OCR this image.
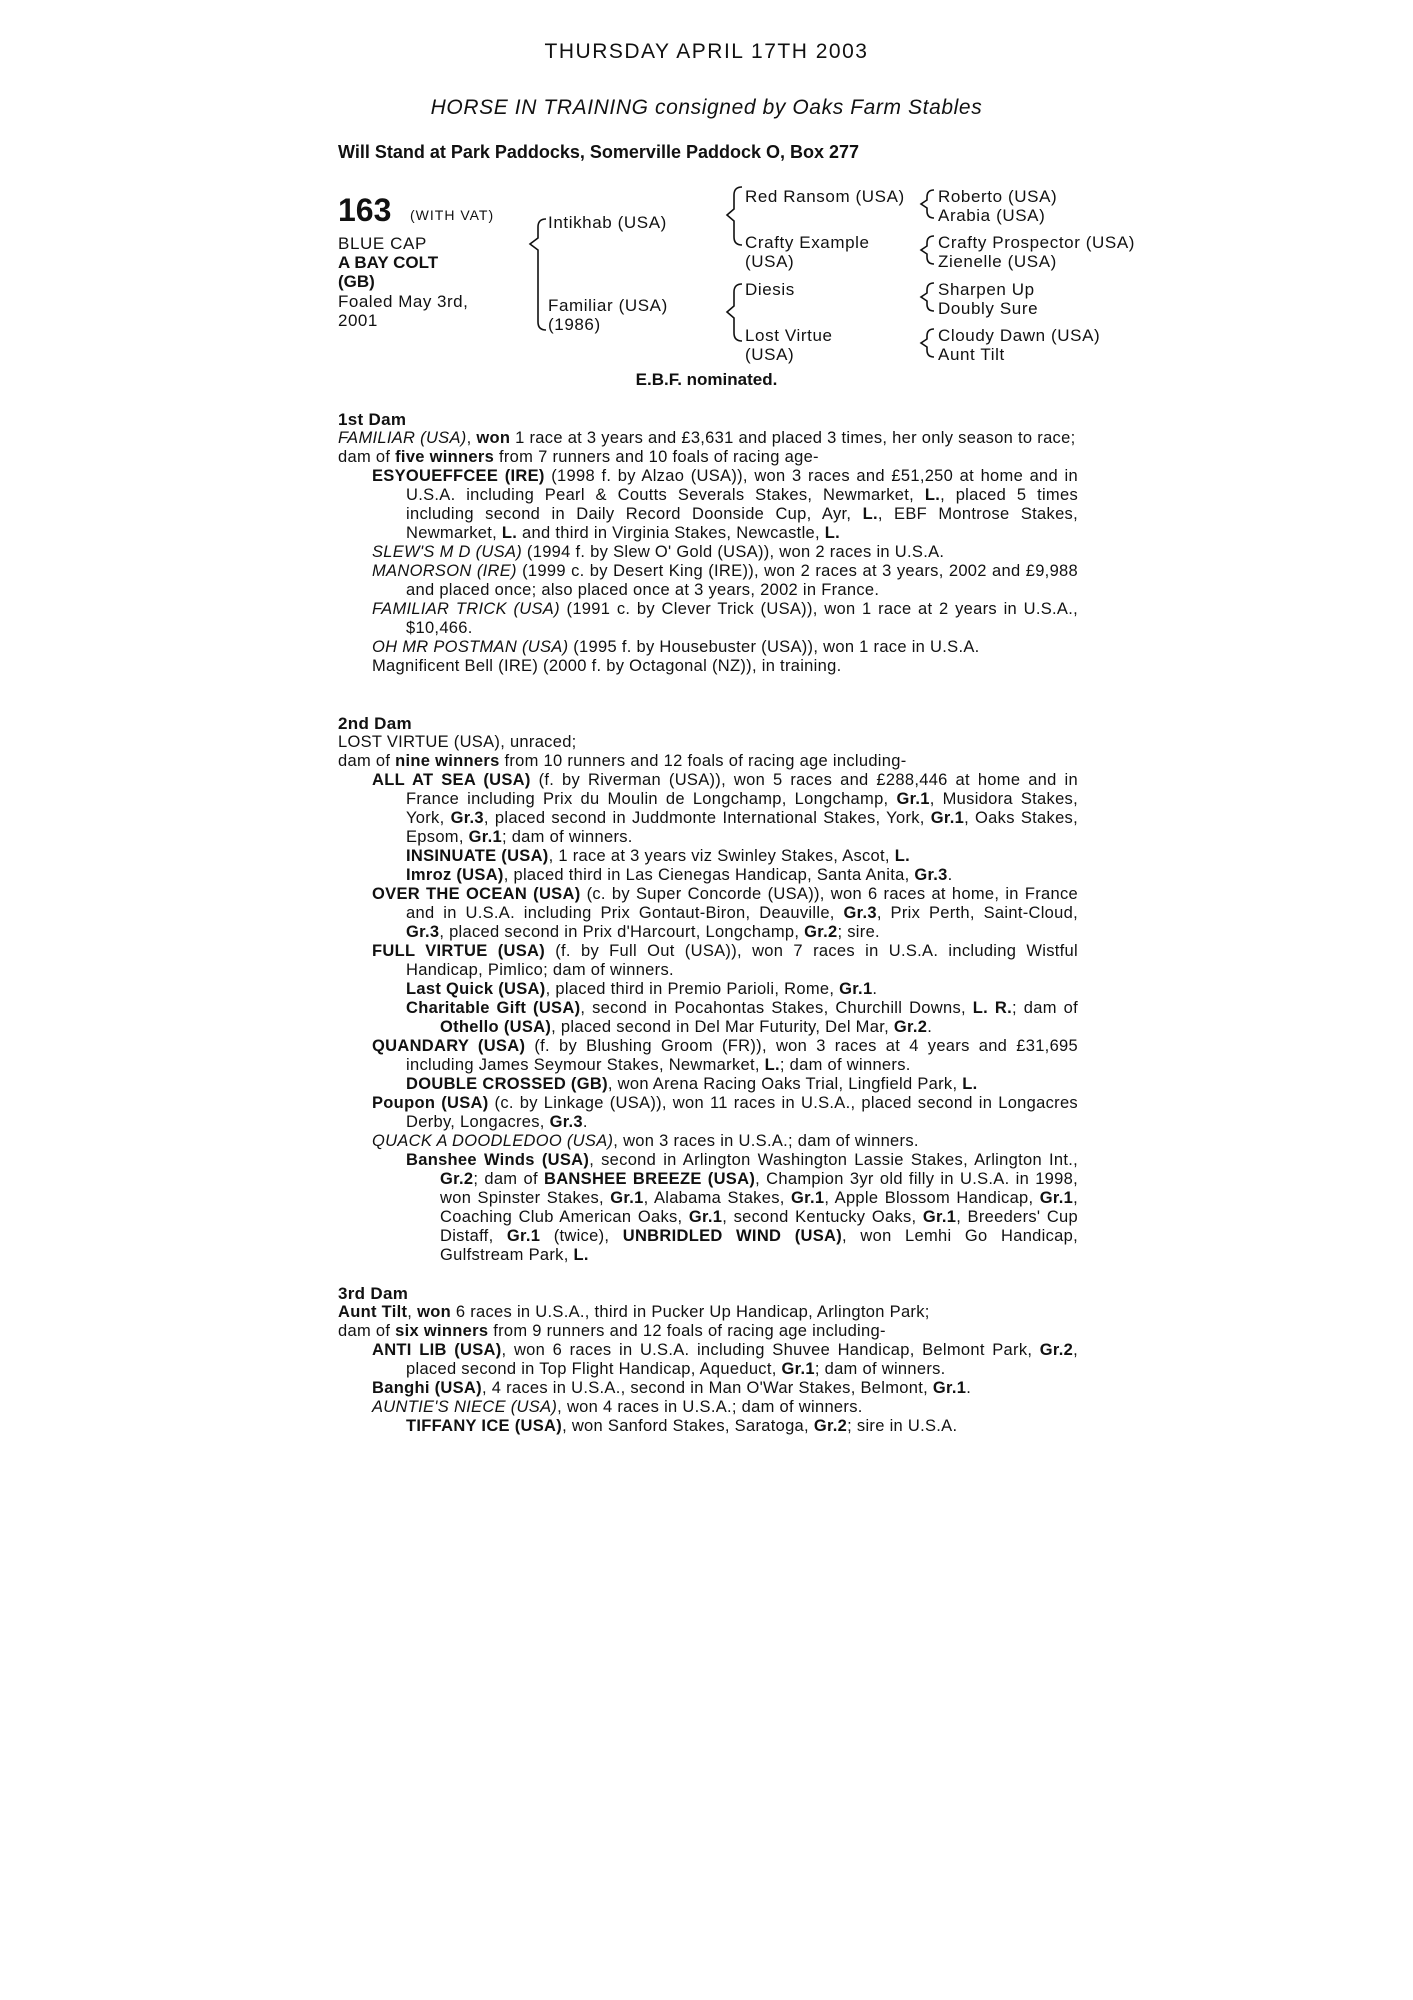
THURSDAY APRIL 17TH 2003
HORSE IN TRAINING consigned by Oaks Farm Stables
Will Stand at Park Paddocks, Somerville Paddock O, Box 277
163 (WITH VAT)
BLUE CAP
A BAY COLT (GB)
Foaled May 3rd, 2001
Intikhab (USA)
Familiar (USA) (1986)
Red Ransom (USA)
Crafty Example (USA)
Diesis
Lost Virtue (USA)
Roberto (USA)
Arabia (USA)
Crafty Prospector (USA)
Zienelle (USA)
Sharpen Up
Doubly Sure
Cloudy Dawn (USA)
Aunt Tilt
E.B.F. nominated.

1st Dam

FAMILIAR (USA), won 1 race at 3 years and £3,631 and placed 3 times, her only season to race;

dam of five winners from 7 runners and 10 foals of racing age-

ESYOUEFFCEE (IRE) (1998 f. by Alzao (USA)), won 3 races and £51,250 at home and in U.S.A. including Pearl & Coutts Severals Stakes, Newmarket, L., placed 5 times including second in Daily Record Doonside Cup, Ayr, L., EBF Montrose Stakes, Newmarket, L. and third in Virginia Stakes, Newcastle, L.

SLEW'S M D (USA) (1994 f. by Slew O' Gold (USA)), won 2 races in U.S.A.

MANORSON (IRE) (1999 c. by Desert King (IRE)), won 2 races at 3 years, 2002 and £9,988 and placed once; also placed once at 3 years, 2002 in France.

FAMILIAR TRICK (USA) (1991 c. by Clever Trick (USA)), won 1 race at 2 years in U.S.A., $10,466.

OH MR POSTMAN (USA) (1995 f. by Housebuster (USA)), won 1 race in U.S.A.

Magnificent Bell (IRE) (2000 f. by Octagonal (NZ)), in training.

2nd Dam

LOST VIRTUE (USA), unraced;

dam of nine winners from 10 runners and 12 foals of racing age including-

ALL AT SEA (USA) (f. by Riverman (USA)), won 5 races and £288,446 at home and in France including Prix du Moulin de Longchamp, Longchamp, Gr.1, Musidora Stakes, York, Gr.3, placed second in Juddmonte International Stakes, York, Gr.1, Oaks Stakes, Epsom, Gr.1; dam of winners.

INSINUATE (USA), 1 race at 3 years viz Swinley Stakes, Ascot, L.

Imroz (USA), placed third in Las Cienegas Handicap, Santa Anita, Gr.3.

OVER THE OCEAN (USA) (c. by Super Concorde (USA)), won 6 races at home, in France and in U.S.A. including Prix Gontaut-Biron, Deauville, Gr.3, Prix Perth, Saint-Cloud, Gr.3, placed second in Prix d'Harcourt, Longchamp, Gr.2; sire.

FULL VIRTUE (USA) (f. by Full Out (USA)), won 7 races in U.S.A. including Wistful Handicap, Pimlico; dam of winners.

Last Quick (USA), placed third in Premio Parioli, Rome, Gr.1.

Charitable Gift (USA), second in Pocahontas Stakes, Churchill Downs, L. R.; dam of Othello (USA), placed second in Del Mar Futurity, Del Mar, Gr.2.

QUANDARY (USA) (f. by Blushing Groom (FR)), won 3 races at 4 years and £31,695 including James Seymour Stakes, Newmarket, L.; dam of winners.

DOUBLE CROSSED (GB), won Arena Racing Oaks Trial, Lingfield Park, L.

Poupon (USA) (c. by Linkage (USA)), won 11 races in U.S.A., placed second in Longacres Derby, Longacres, Gr.3.

QUACK A DOODLEDOO (USA), won 3 races in U.S.A.; dam of winners.

Banshee Winds (USA), second in Arlington Washington Lassie Stakes, Arlington Int., Gr.2; dam of BANSHEE BREEZE (USA), Champion 3yr old filly in U.S.A. in 1998, won Spinster Stakes, Gr.1, Alabama Stakes, Gr.1, Apple Blossom Handicap, Gr.1, Coaching Club American Oaks, Gr.1, second Kentucky Oaks, Gr.1, Breeders' Cup Distaff, Gr.1 (twice), UNBRIDLED WIND (USA), won Lemhi Go Handicap, Gulfstream Park, L.

3rd Dam

Aunt Tilt, won 6 races in U.S.A., third in Pucker Up Handicap, Arlington Park;

dam of six winners from 9 runners and 12 foals of racing age including-

ANTI LIB (USA), won 6 races in U.S.A. including Shuvee Handicap, Belmont Park, Gr.2, placed second in Top Flight Handicap, Aqueduct, Gr.1; dam of winners.

Banghi (USA), 4 races in U.S.A., second in Man O'War Stakes, Belmont, Gr.1.

AUNTIE'S NIECE (USA), won 4 races in U.S.A.; dam of winners.

TIFFANY ICE (USA), won Sanford Stakes, Saratoga, Gr.2; sire in U.S.A.
